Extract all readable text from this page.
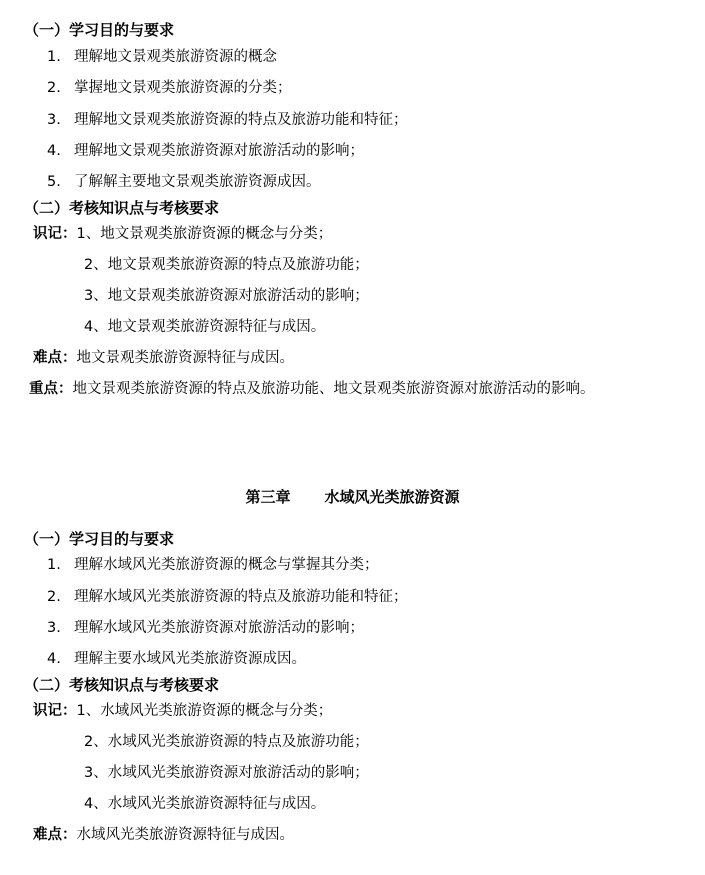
（一）学习目的与要求
1. 理解地文景观类旅游资源的概念
2. 掌握地文景观类旅游资源的分类；
3. 理解地文景观类旅游资源的特点及旅游功能和特征；
4. 理解地文景观类旅游资源对旅游活动的影响；
5. 了解解主要地文景观类旅游资源成因。
（二）考核知识点与考核要求
识记：1、地文景观类旅游资源的概念与分类；
2、地文景观类旅游资源的特点及旅游功能；
3、地文景观类旅游资源对旅游活动的影响；
4、地文景观类旅游资源特征与成因。
难点：地文景观类旅游资源特征与成因。
重点：地文景观类旅游资源的特点及旅游功能、地文景观类旅游资源对旅游活动的影响。
第三章 水域风光类旅游资源
（一）学习目的与要求
1. 理解水域风光类旅游资源的概念与掌握其分类；
2. 理解水域风光类旅游资源的特点及旅游功能和特征；
3. 理解水域风光类旅游资源对旅游活动的影响；
4. 理解主要水域风光类旅游资源成因。
（二）考核知识点与考核要求
识记：1、水域风光类旅游资源的概念与分类；
2、水域风光类旅游资源的特点及旅游功能；
3、水域风光类旅游资源对旅游活动的影响；
4、水域风光类旅游资源特征与成因。
难点：水域风光类旅游资源特征与成因。
